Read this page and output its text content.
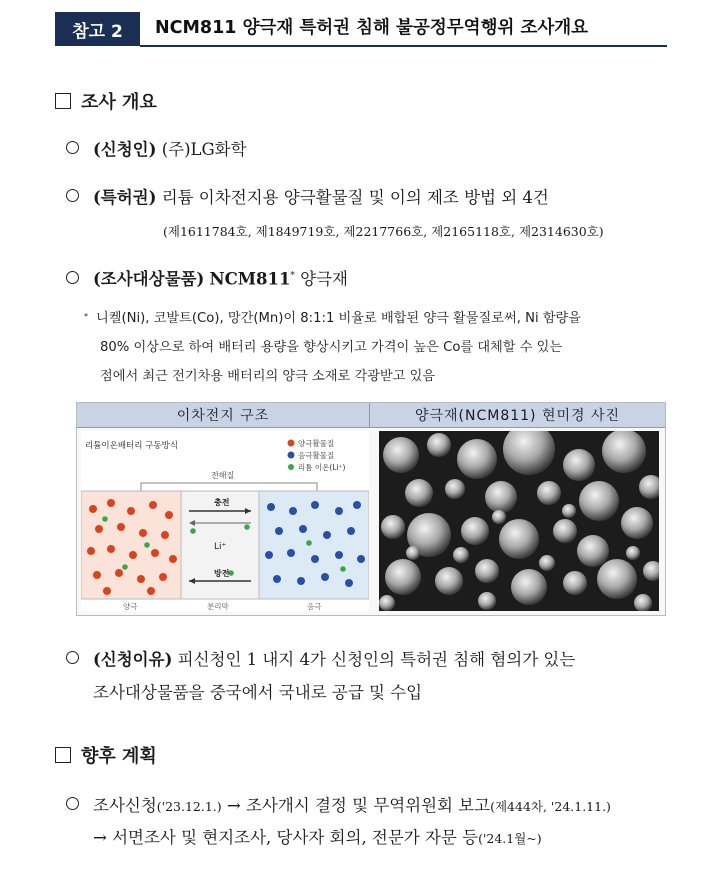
참고 2	NCM811 양극재 특허권 침해 불공정무역행위 조사개요
조사 개요
(신청인) (주)LG화학
(특허권) 리튬 이차전지용 양극활물질 및 이의 제조 방법 외 4건
(제1611784호, 제1849719호, 제2217766호, 제2165118호, 제2314630호)
(조사대상물품) NCM811* 양극재
* 니켈(Ni), 코발트(Co), 망간(Mn)이 8:1:1 비율로 배합된 양극 활물질로써, Ni 함량을
80% 이상으로 하여 배터리 용량을 향상시키고 가격이 높은 Co를 대체할 수 있는
점에서 최근 전기차용 배터리의 양극 소재로 각광받고 있음
이차전지 구조	양극재(NCM811) 현미경 사진
리튬이온배터리 구동방식	양극활물질
음극활물질
리튬 이온(Li⁺)
전해질
충전
Li⁺
방전
양극	분리막	음극
(신청이유) 피신청인 1 내지 4가 신청인의 특허권 침해 혐의가 있는
조사대상물품을 중국에서 국내로 공급 및 수입
향후 계획
조사신청('23.12.1.) → 조사개시 결정 및 무역위원회 보고(제444차, '24.1.11.)
→ 서면조사 및 현지조사, 당사자 회의, 전문가 자문 등('24.1월~)
